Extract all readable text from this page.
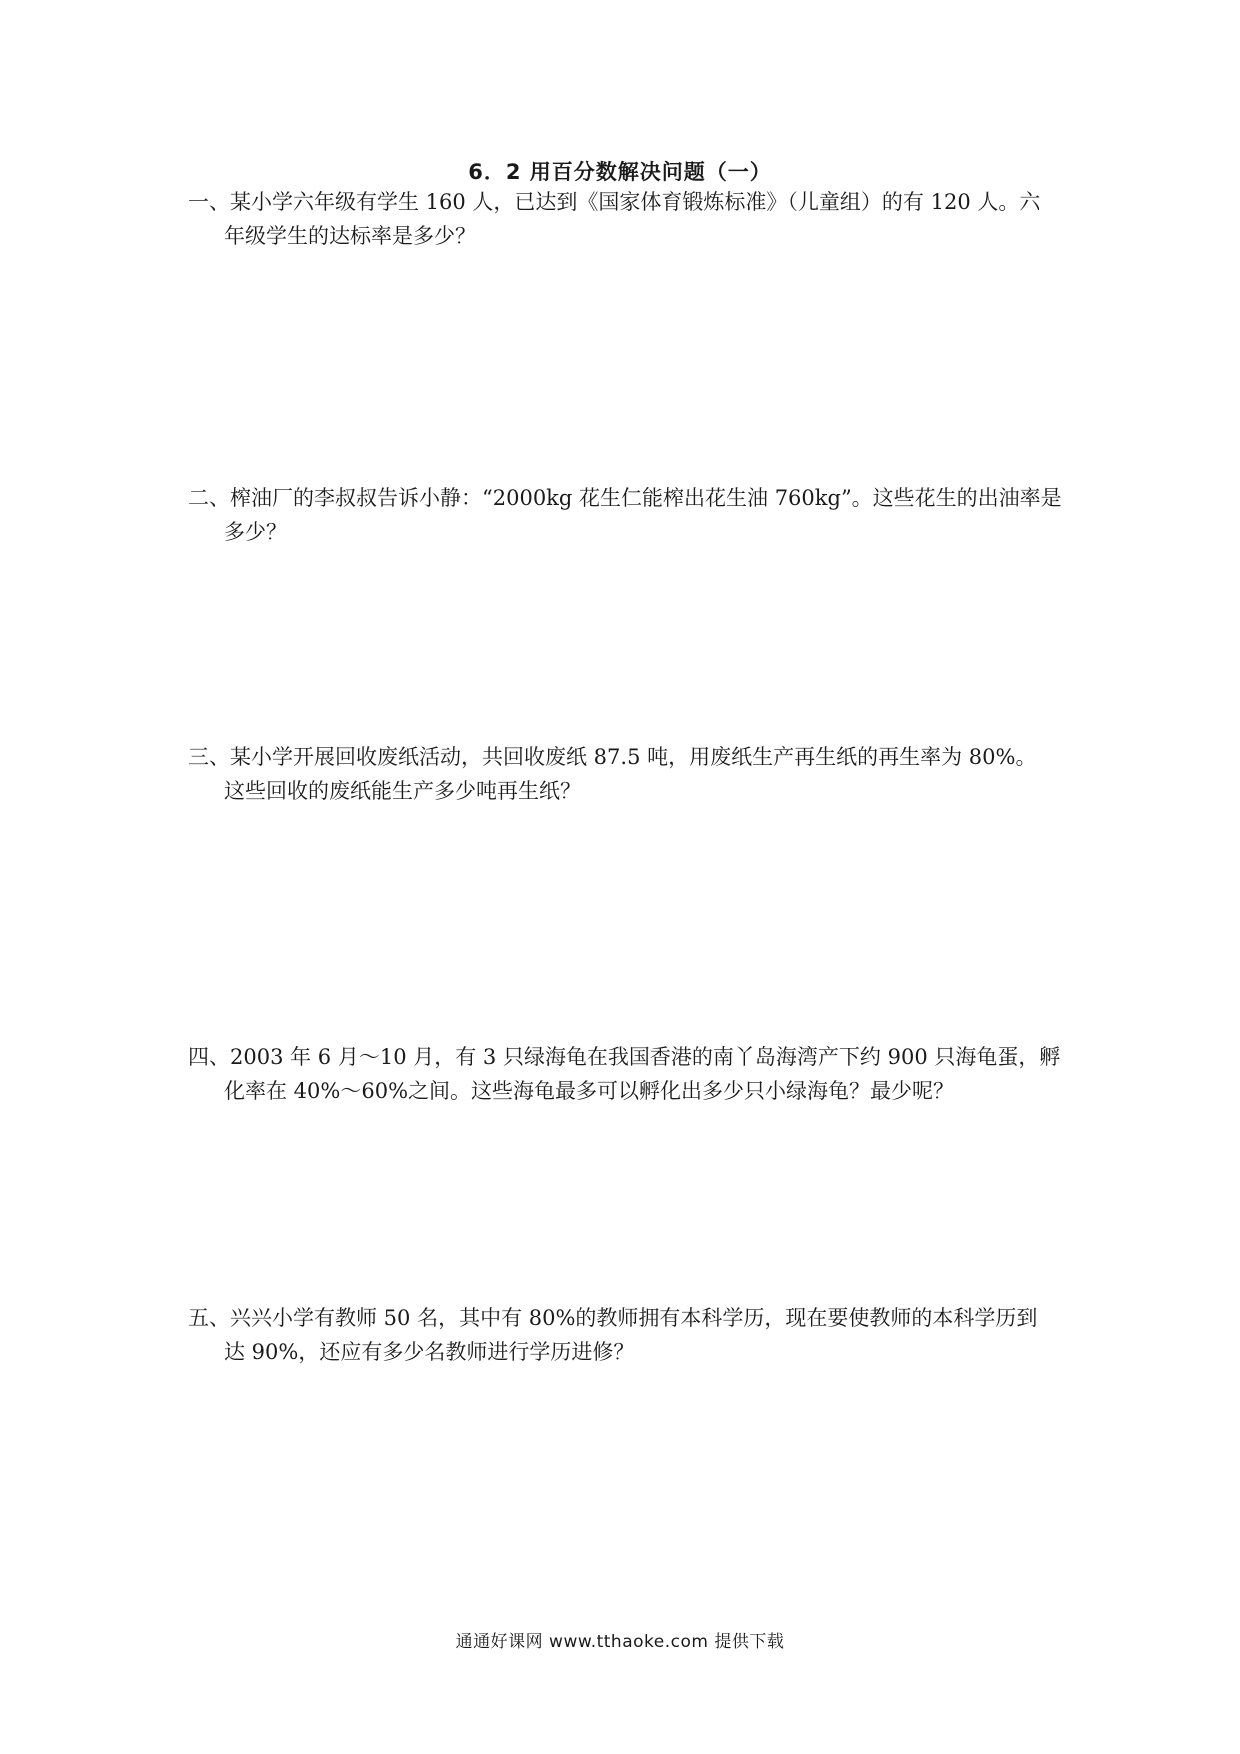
6．2 用百分数解决问题（一）
一、某小学六年级有学生 160 人，已达到《国家体育锻炼标准》（儿童组）的有 120 人。六
年级学生的达标率是多少？
二、榨油厂的李叔叔告诉小静：“2000kg 花生仁能榨出花生油 760kg”。这些花生的出油率是
多少？
三、某小学开展回收废纸活动，共回收废纸 87.5 吨，用废纸生产再生纸的再生率为 80%。
这些回收的废纸能生产多少吨再生纸？
四、2003 年 6 月～10 月，有 3 只绿海龟在我国香港的南丫岛海湾产下约 900 只海龟蛋，孵
化率在 40%～60%之间。这些海龟最多可以孵化出多少只小绿海龟？最少呢？
五、兴兴小学有教师 50 名，其中有 80%的教师拥有本科学历，现在要使教师的本科学历到
达 90%，还应有多少名教师进行学历进修？
通通好课网 www.tthaoke.com 提供下载
